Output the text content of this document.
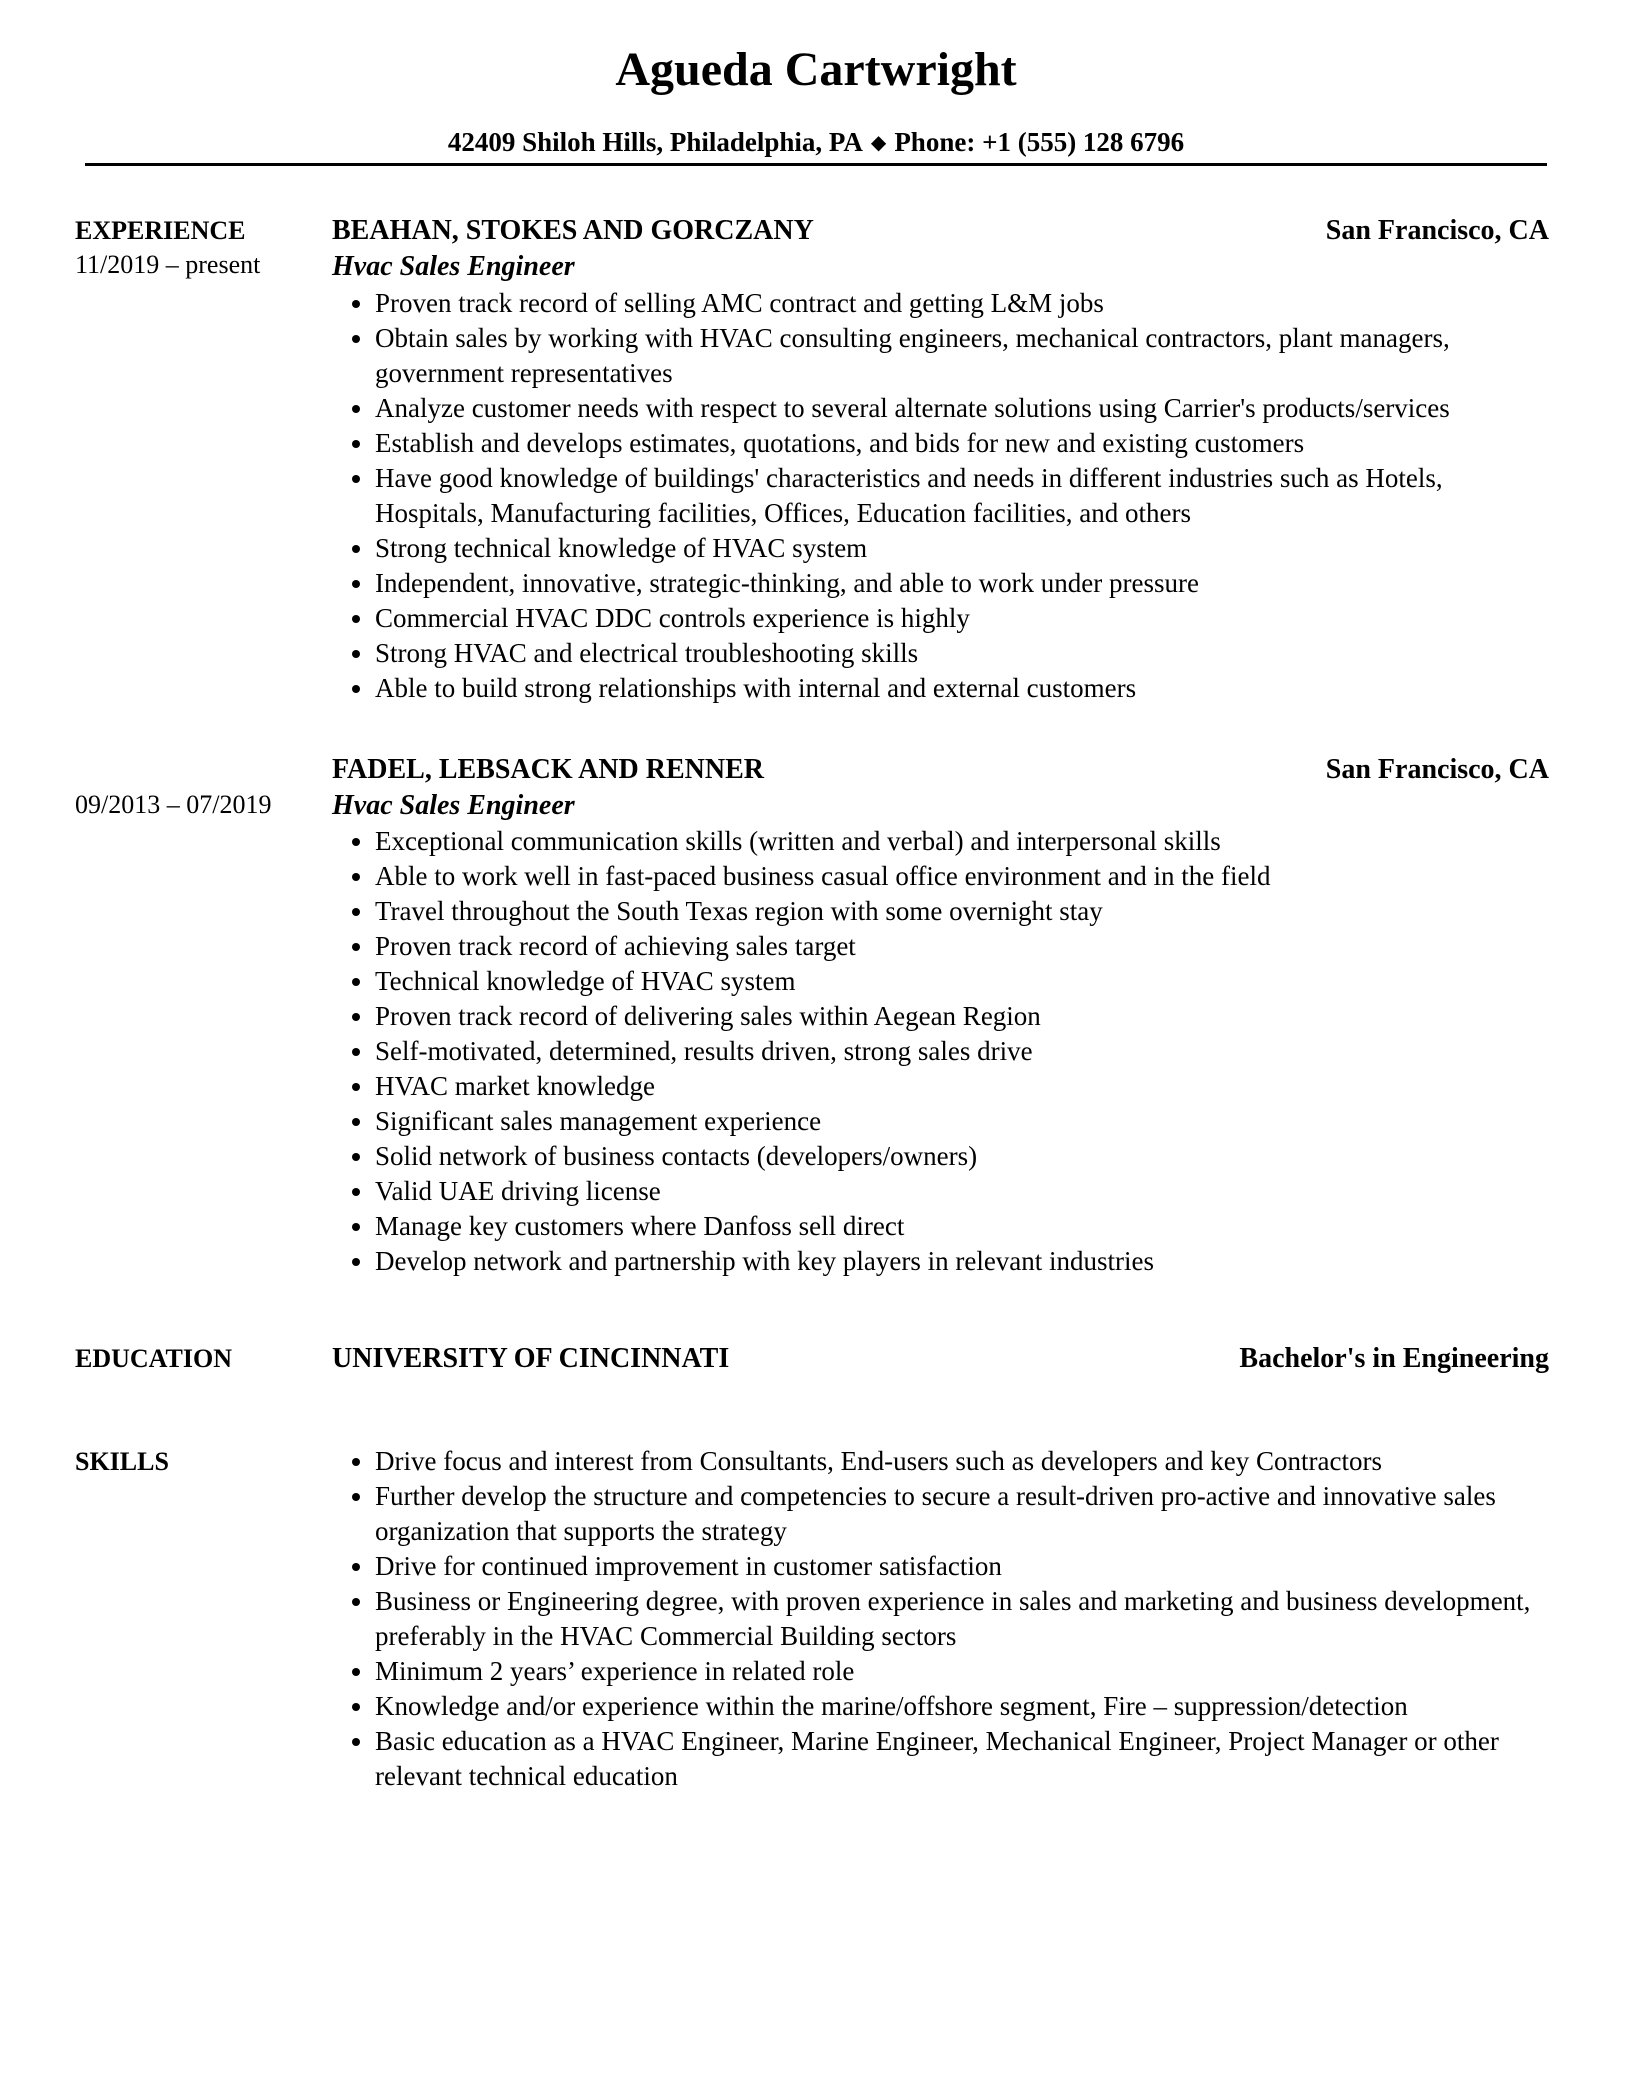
Agueda Cartwright
42409 Shiloh Hills, Philadelphia, PA ◆ Phone: +1 (555) 128 6796
EXPERIENCE
11/2019 – present
BEAHAN, STOKES AND GORCZANY	San Francisco, CA
Hvac Sales Engineer
Proven track record of selling AMC contract and getting L&M jobs
Obtain sales by working with HVAC consulting engineers, mechanical contractors, plant managers, government representatives
Analyze customer needs with respect to several alternate solutions using Carrier's products/services
Establish and develops estimates, quotations, and bids for new and existing customers
Have good knowledge of buildings' characteristics and needs in different industries such as Hotels, Hospitals, Manufacturing facilities, Offices, Education facilities, and others
Strong technical knowledge of HVAC system
Independent, innovative, strategic-thinking, and able to work under pressure
Commercial HVAC DDC controls experience is highly
Strong HVAC and electrical troubleshooting skills
Able to build strong relationships with internal and external customers
09/2013 – 07/2019
FADEL, LEBSACK AND RENNER	San Francisco, CA
Hvac Sales Engineer
Exceptional communication skills (written and verbal) and interpersonal skills
Able to work well in fast-paced business casual office environment and in the field
Travel throughout the South Texas region with some overnight stay
Proven track record of achieving sales target
Technical knowledge of HVAC system
Proven track record of delivering sales within Aegean Region
Self-motivated, determined, results driven, strong sales drive
HVAC market knowledge
Significant sales management experience
Solid network of business contacts (developers/owners)
Valid UAE driving license
Manage key customers where Danfoss sell direct
Develop network and partnership with key players in relevant industries
EDUCATION	UNIVERSITY OF CINCINNATI	Bachelor's in Engineering
SKILLS	Drive focus and interest from Consultants, End-users such as developers and key Contractors
Further develop the structure and competencies to secure a result-driven pro-active and innovative sales organization that supports the strategy
Drive for continued improvement in customer satisfaction
Business or Engineering degree, with proven experience in sales and marketing and business development, preferably in the HVAC Commercial Building sectors
Minimum 2 years’ experience in related role
Knowledge and/or experience within the marine/offshore segment, Fire – suppression/detection
Basic education as a HVAC Engineer, Marine Engineer, Mechanical Engineer, Project Manager or other relevant technical education
